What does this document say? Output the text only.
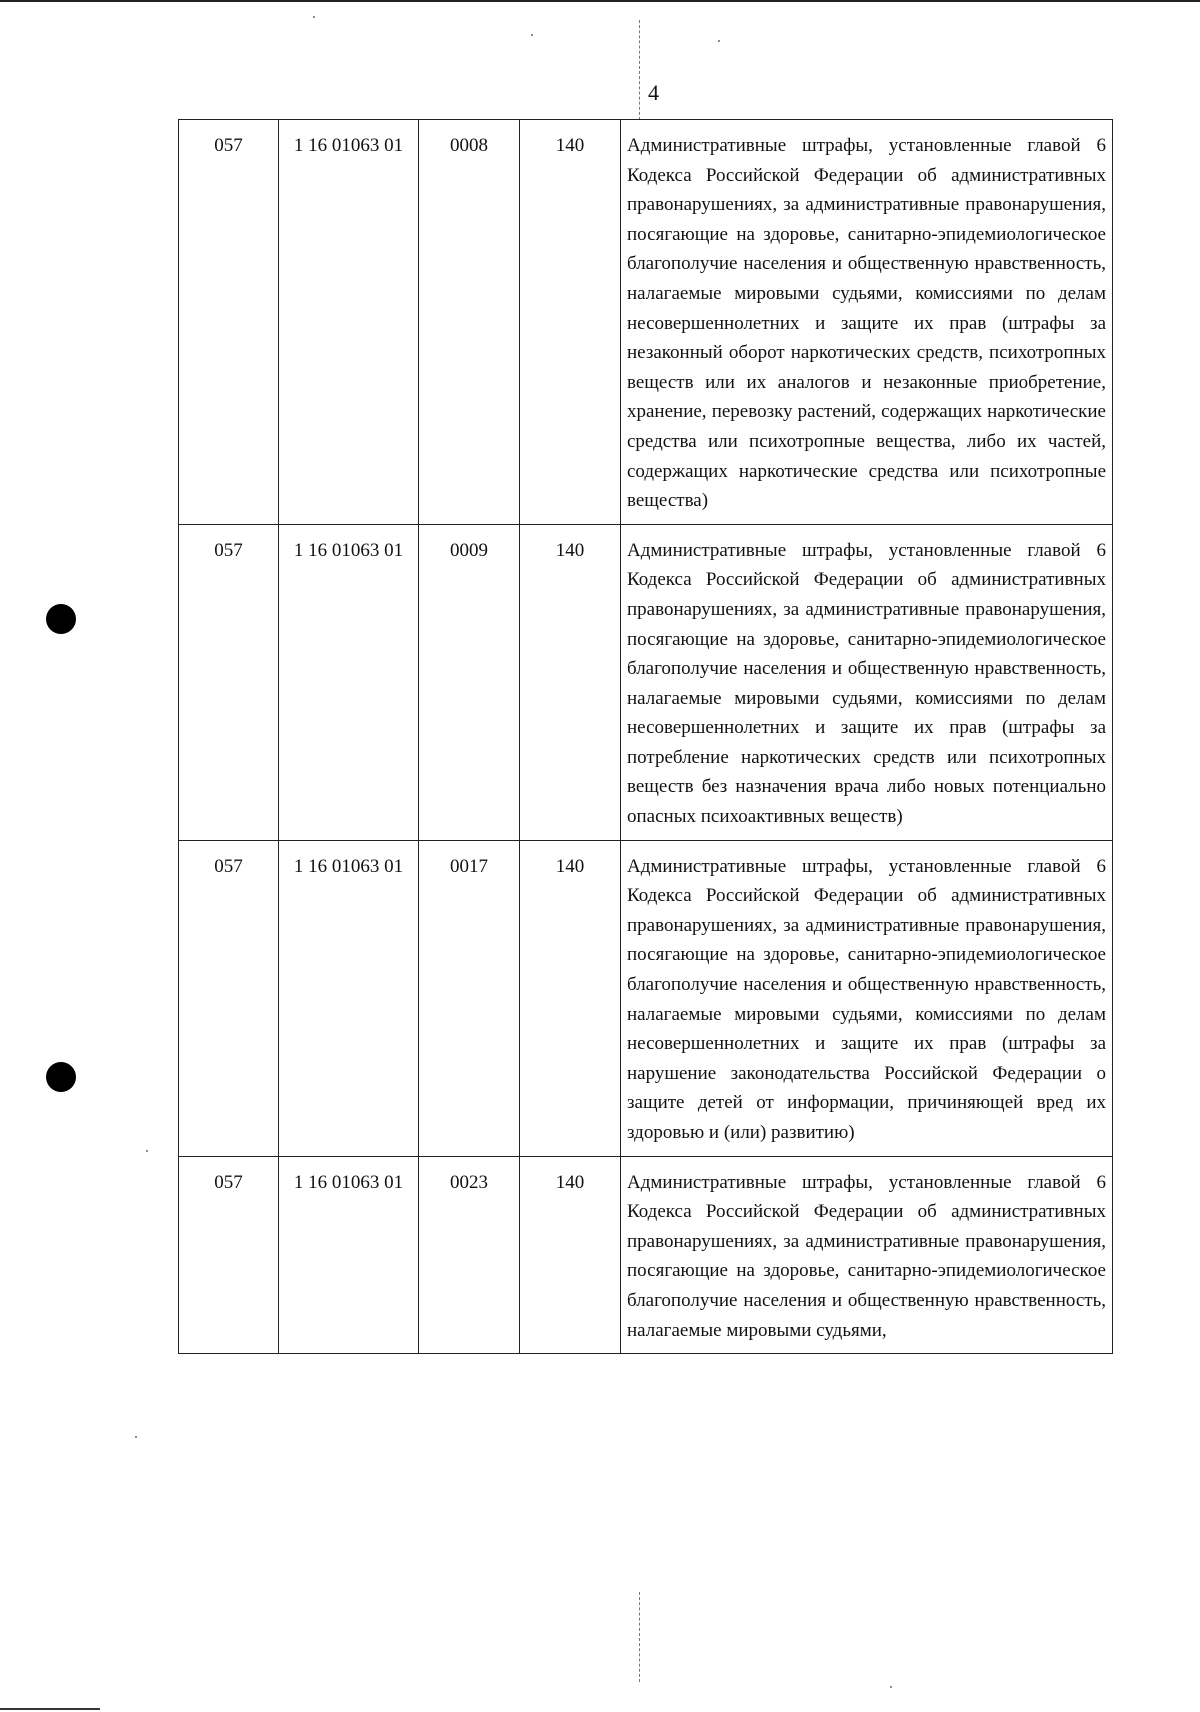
4
057	1 16 01063 01	0008	140	Административные штрафы, установленные главой 6 Кодекса Российской Федерации об административных правонарушениях, за административные правонарушения, посягающие на здоровье, санитарно-эпидемиологическое благополучие населения и общественную нравственность, налагаемые мировыми судьями, комиссиями по делам несовершеннолетних и защите их прав (штрафы за незаконный оборот наркотических средств, психотропных веществ или их аналогов и незаконные приобретение, хранение, перевозку растений, содержащих наркотические средства или психотропные вещества, либо их частей, содержащих наркотические средства или психотропные вещества)
057	1 16 01063 01	0009	140	Административные штрафы, установленные главой 6 Кодекса Российской Федерации об административных правонарушениях, за административные правонарушения, посягающие на здоровье, санитарно-эпидемиологическое благополучие населения и общественную нравственность, налагаемые мировыми судьями, комиссиями по делам несовершеннолетних и защите их прав (штрафы за потребление наркотических средств или психотропных веществ без назначения врача либо новых потенциально опасных психоактивных веществ)
057	1 16 01063 01	0017	140	Административные штрафы, установленные главой 6 Кодекса Российской Федерации об административных правонарушениях, за административные правонарушения, посягающие на здоровье, санитарно-эпидемиологическое благополучие населения и общественную нравственность, налагаемые мировыми судьями, комиссиями по делам несовершеннолетних и защите их прав (штрафы за нарушение законодательства Российской Федерации о защите детей от информации, причиняющей вред их здоровью и (или) развитию)
057	1 16 01063 01	0023	140	Административные штрафы, установленные главой 6 Кодекса Российской Федерации об административных правонарушениях, за административные правонарушения, посягающие на здоровье, санитарно-эпидемиологическое благополучие населения и общественную нравственность, налагаемые мировыми судьями,
